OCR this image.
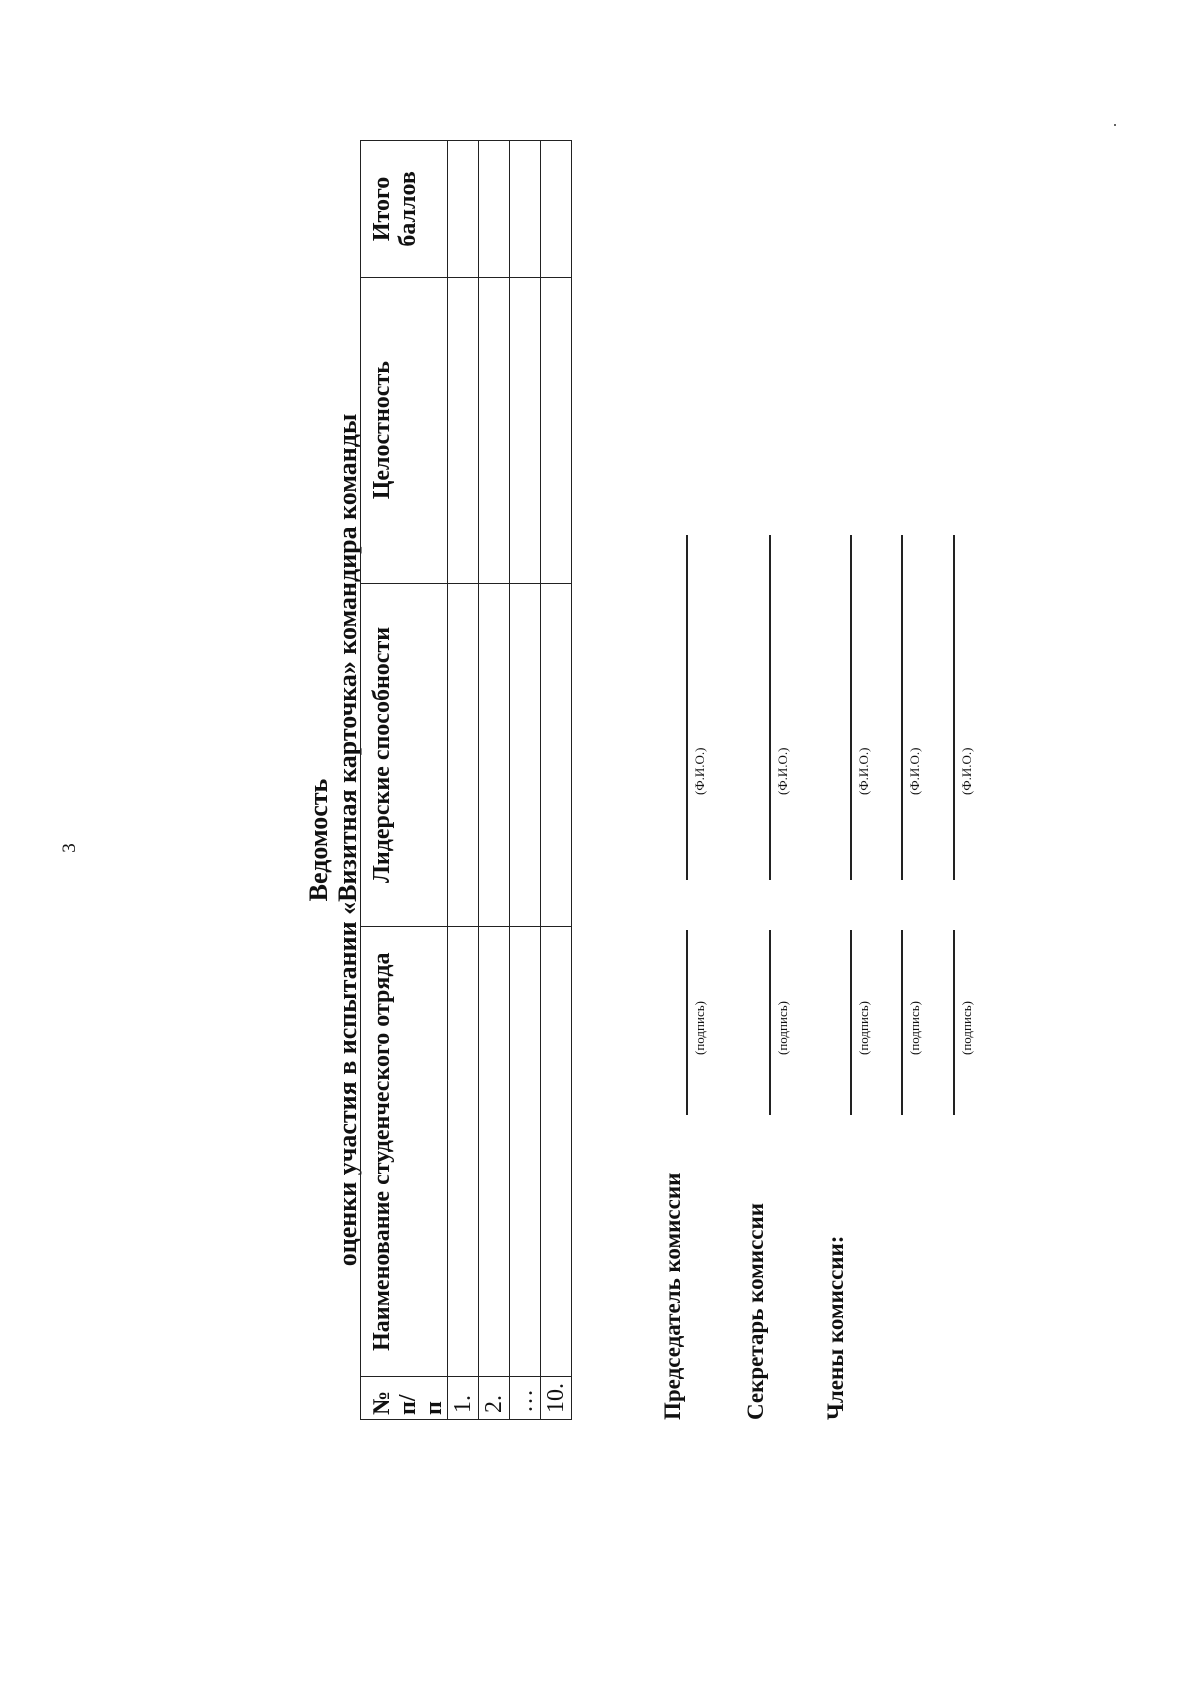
3	Ведомость оценки участия в испытании «Визитная карточка» командира команды
№ п/п	Наименование студенческого отряда	Лидерские способности	Целостность	Итого баллов
1.				
2.				
…				
10.					Председатель комиссии
(подпись)
(Ф.И.О.)
Секретарь комиссии
(подпись)
(Ф.И.О.)
Члены комиссии:
(подпись)
(Ф.И.О.)
(подпись)
(Ф.И.О.)
(подпись)
(Ф.И.О.)
